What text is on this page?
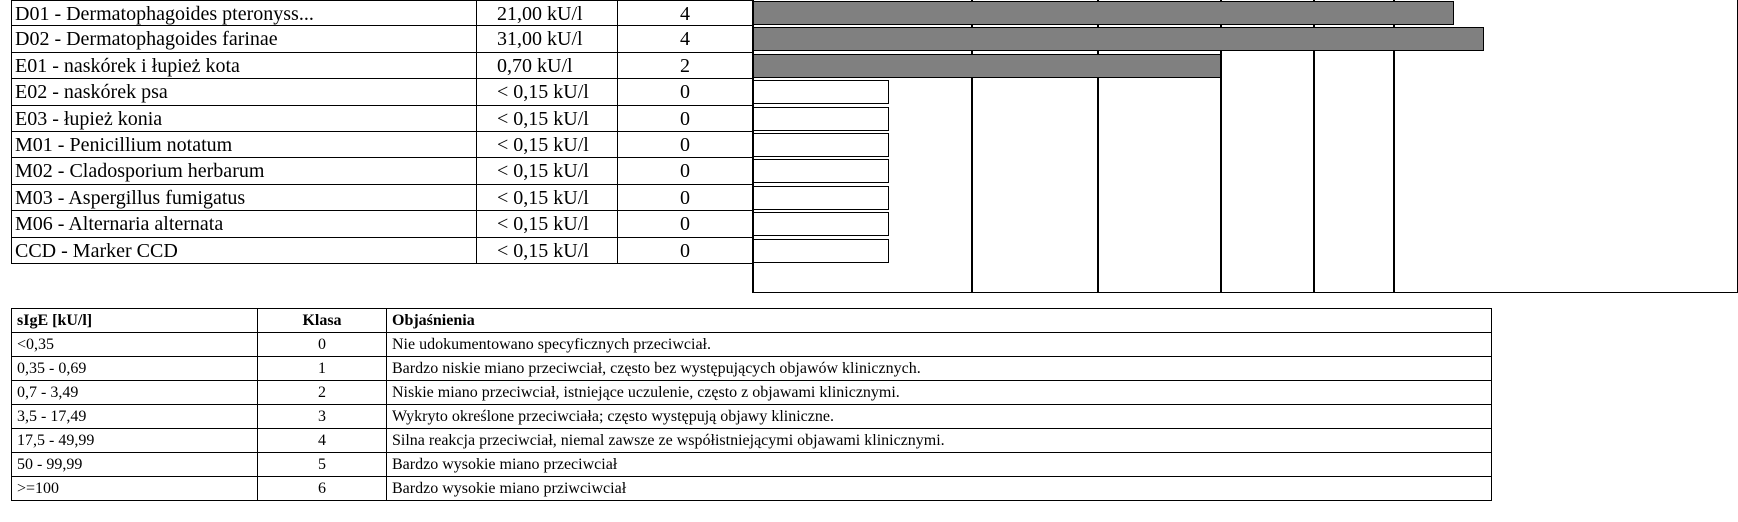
D01 - Dermatophagoides pteronyss...	21,00 kU/l	4
D02 - Dermatophagoides farinae	31,00 kU/l	4
E01 - naskórek i łupież kota	0,70 kU/l	2
E02 - naskórek psa	< 0,15 kU/l	0
E03 - łupież konia	< 0,15 kU/l	0
M01 - Penicillium notatum	< 0,15 kU/l	0
M02 - Cladosporium herbarum	< 0,15 kU/l	0
M03 - Aspergillus fumigatus	< 0,15 kU/l	0
M06 - Alternaria alternata	< 0,15 kU/l	0
CCD - Marker CCD	< 0,15 kU/l	0
sIgE [kU/l]	Klasa	Objaśnienia
<0,35	0	Nie udokumentowano specyficznych przeciwciał.
0,35 - 0,69	1	Bardzo niskie miano przeciwciał, często bez występujących objawów klinicznych.
0,7 - 3,49	2	Niskie miano przeciwciał, istniejące uczulenie, często z objawami klinicznymi.
3,5 - 17,49	3	Wykryto określone przeciwciała; często występują objawy kliniczne.
17,5 - 49,99	4	Silna reakcja przeciwciał, niemal zawsze ze współistniejącymi objawami klinicznymi.
50 - 99,99	5	Bardzo wysokie miano przeciwciał
>=100	6	Bardzo wysokie miano prziwciwciał
